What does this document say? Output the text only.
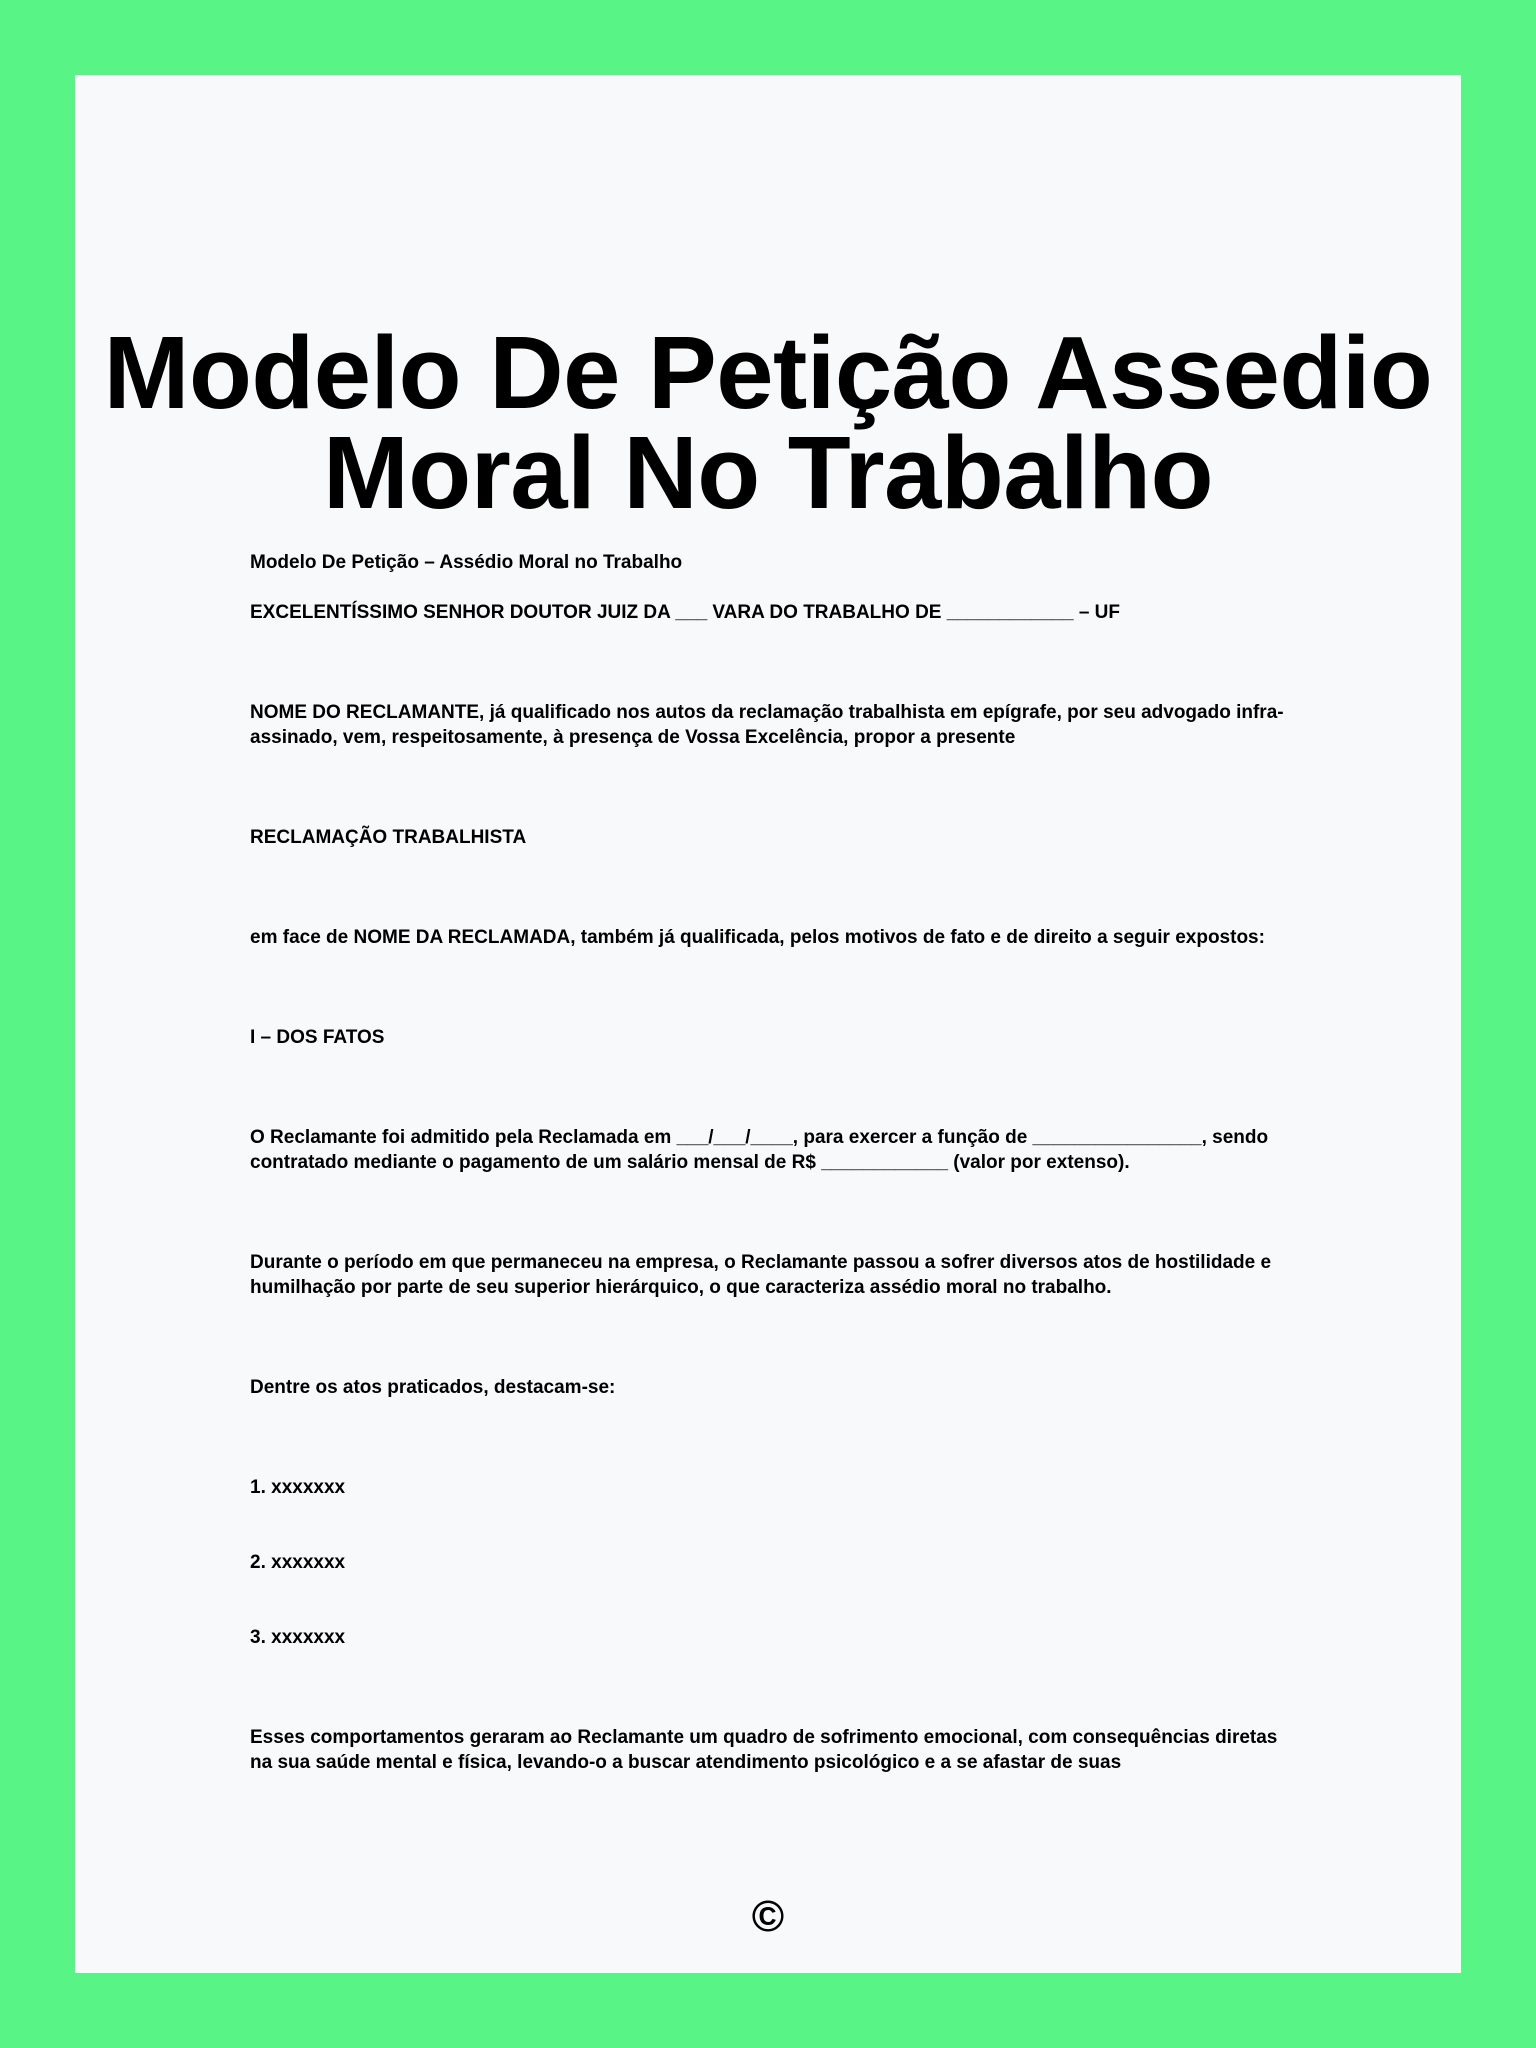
Modelo De Petição Assedio Moral No Trabalho

Modelo De Petição – Assédio Moral no Trabalho

EXCELENTÍSSIMO SENHOR DOUTOR JUIZ DA ___ VARA DO TRABALHO DE ____________ – UF

NOME DO RECLAMANTE, já qualificado nos autos da reclamação trabalhista em epígrafe, por seu advogado infra-assinado, vem, respeitosamente, à presença de Vossa Excelência, propor a presente

RECLAMAÇÃO TRABALHISTA

em face de NOME DA RECLAMADA, também já qualificada, pelos motivos de fato e de direito a seguir expostos:

I – DOS FATOS

O Reclamante foi admitido pela Reclamada em ___/___/____, para exercer a função de ________________, sendo contratado mediante o pagamento de um salário mensal de R$ ____________ (valor por extenso).

Durante o período em que permaneceu na empresa, o Reclamante passou a sofrer diversos atos de hostilidade e humilhação por parte de seu superior hierárquico, o que caracteriza assédio moral no trabalho.

Dentre os atos praticados, destacam-se:

1. xxxxxxx

2. xxxxxxx

3. xxxxxxx

Esses comportamentos geraram ao Reclamante um quadro de sofrimento emocional, com consequências diretas na sua saúde mental e física, levando-o a buscar atendimento psicológico e a se afastar de suas

©
